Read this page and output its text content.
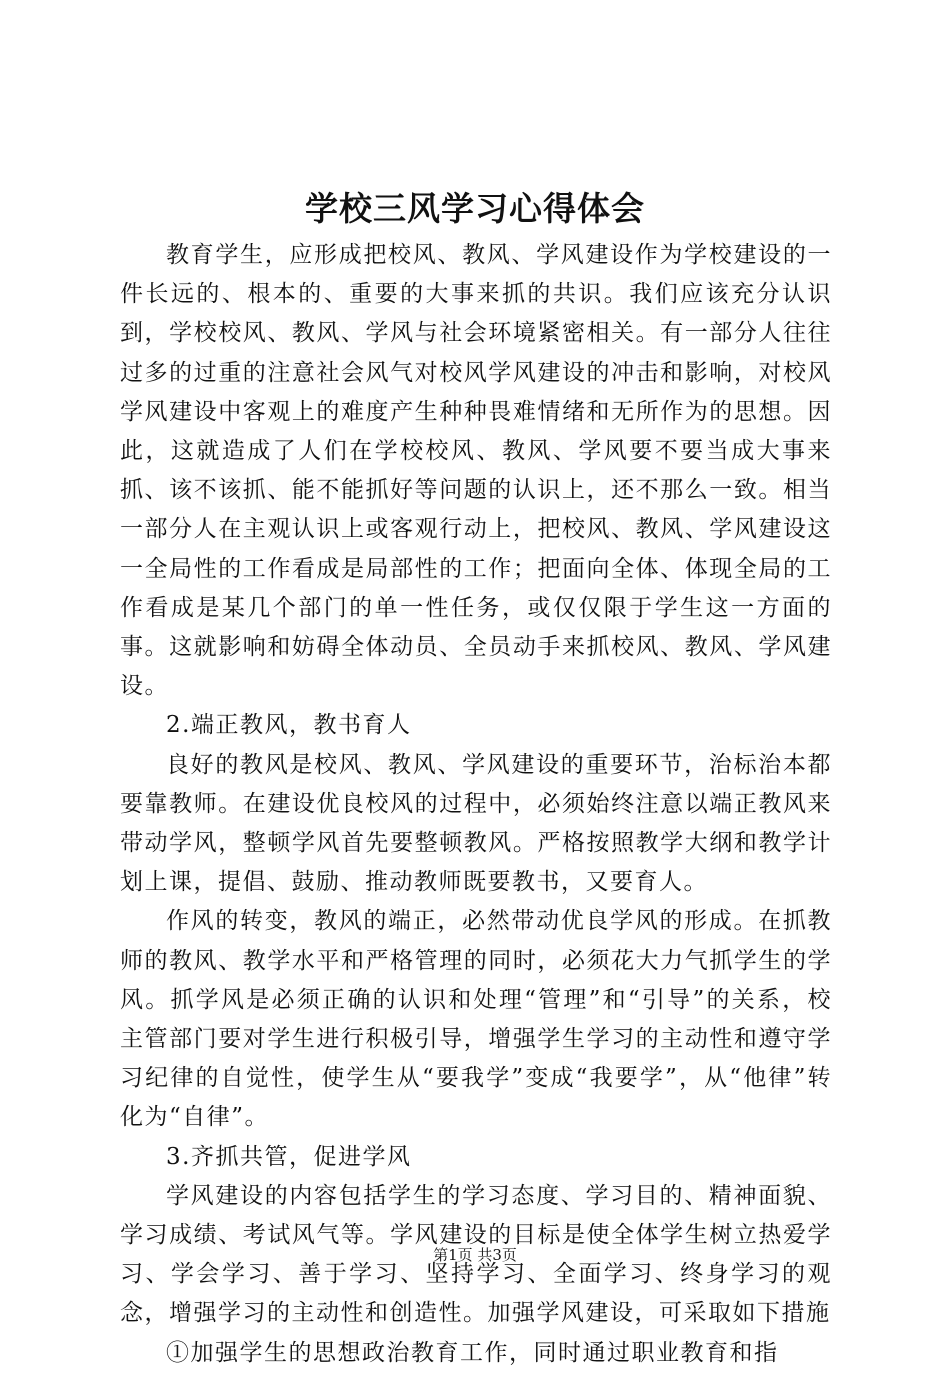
学校三风学习心得体会

教育学生，应形成把校风、教风、学风建设作为学校建设的一件长远的、根本的、重要的大事来抓的共识。我们应该充分认识到，学校校风、教风、学风与社会环境紧密相关。有一部分人往往过多的过重的注意社会风气对校风学风建设的冲击和影响，对校风学风建设中客观上的难度产生种种畏难情绪和无所作为的思想。因此，这就造成了人们在学校校风、教风、学风要不要当成大事来抓、该不该抓、能不能抓好等问题的认识上，还不那么一致。相当一部分人在主观认识上或客观行动上，把校风、教风、学风建设这一全局性的工作看成是局部性的工作；把面向全体、体现全局的工作看成是某几个部门的单一性任务，或仅仅限于学生这一方面的事。这就影响和妨碍全体动员、全员动手来抓校风、教风、学风建设。

2.端正教风，教书育人

良好的教风是校风、教风、学风建设的重要环节，治标治本都要靠教师。在建设优良校风的过程中，必须始终注意以端正教风来带动学风，整顿学风首先要整顿教风。严格按照教学大纲和教学计划上课，提倡、鼓励、推动教师既要教书，又要育人。

作风的转变，教风的端正，必然带动优良学风的形成。在抓教师的教风、教学水平和严格管理的同时，必须花大力气抓学生的学风。抓学风是必须正确的认识和处理“管理”和“引导”的关系，校主管部门要对学生进行积极引导，增强学生学习的主动性和遵守学习纪律的自觉性，使学生从“要我学”变成“我要学”，从“他律”转化为“自律”。

3.齐抓共管，促进学风

学风建设的内容包括学生的学习态度、学习目的、精神面貌、学习成绩、考试风气等。学风建设的目标是使全体学生树立热爱学习、学会学习、善于学习、坚持学习、全面学习、终身学习的观念，增强学习的主动性和创造性。加强学风建设，可采取如下措施

①加强学生的思想政治教育工作，同时通过职业教育和指

第1页 共3页
